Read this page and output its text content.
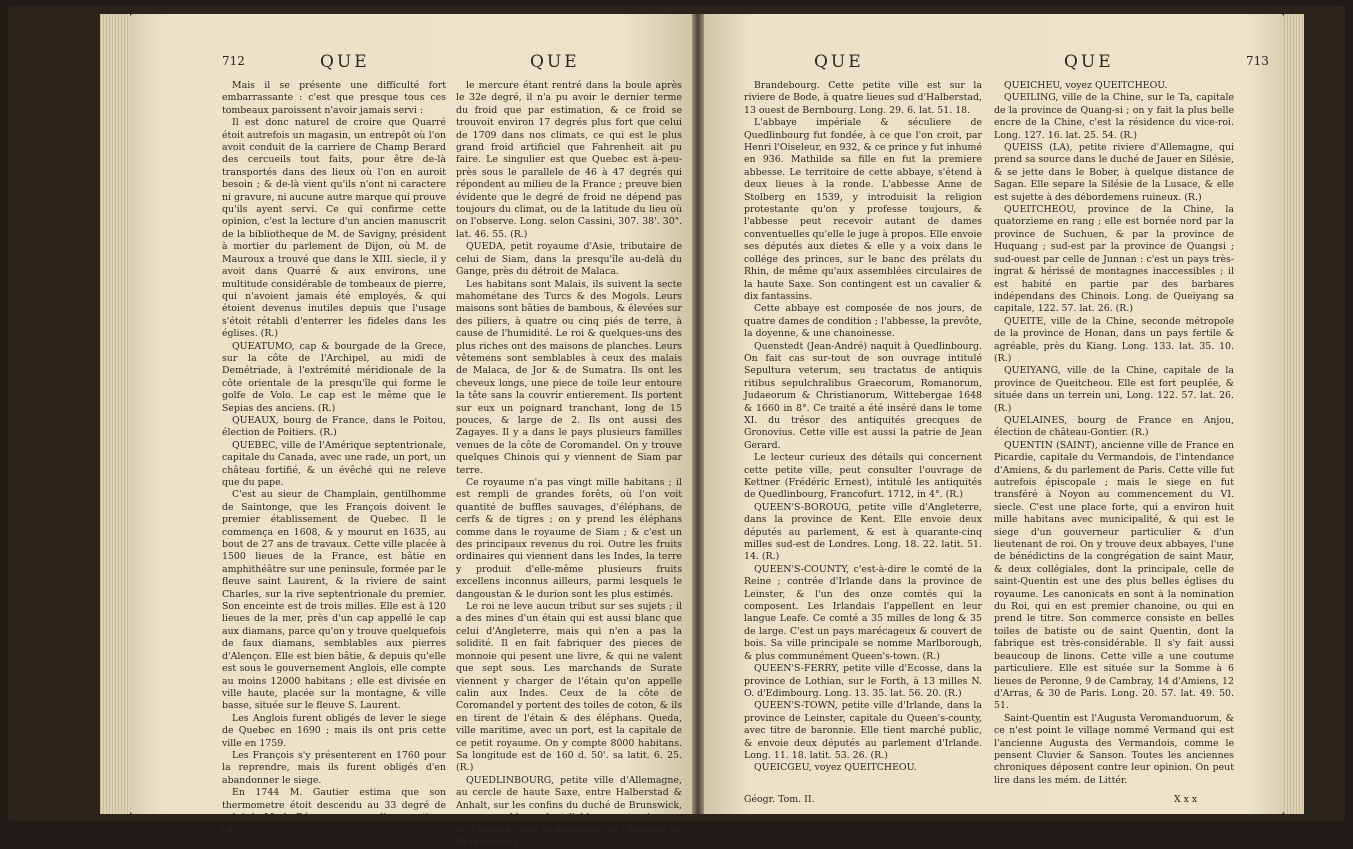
712	QUE	QUE

Mais il se présente une difficulté fort embarrassante : c'est que presque tous ces tombeaux paroissent n'avoir jamais servi :

Il est donc naturel de croire que Quarré étoit autrefois un magasin, un entrepôt où l'on avoit conduit de la carriere de Champ Berard des cercueils tout faits, pour être de-là transportés dans des lieux où l'on en auroit besoin ; & de-là vient qu'ils n'ont ni caractere ni gravure, ni aucune autre marque qui prouve qu'ils ayent servi. Ce qui confirme cette opinion, c'est la lecture d'un ancien manuscrit de la bibliotheque de M. de Savigny, président à mortier du parlement de Dijon, où M. de Mauroux a trouvé que dans le XIII. siecle, il y avoit dans Quarré & aux environs, une multitude considérable de tombeaux de pierre, qui n'avoient jamais été employés, & qui étoient devenus inutiles depuis que l'usage s'étoit rétabli d'enterrer les fideles dans les églises. (R.)

QUEATUMO, cap & bourgade de la Grece, sur la côte de l'Archipel, au midi de Demétriade, à l'extrémité méridionale de la côte orientale de la presqu'île qui forme le golfe de Volo. Le cap est le même que le Sepias des anciens. (R.)

QUEAUX, bourg de France, dans le Poitou, élection de Poitiers. (R.)

QUEBEC, ville de l'Amérique septentrionale, capitale du Canada, avec une rade, un port, un château fortifié, & un évêché qui ne releve que du pape.

C'est au sieur de Champlain, gentilhomme de Saintonge, que les François doivent le premier établissement de Quebec. Il le commença en 1608, & y mourut en 1635, au bout de 27 ans de travaux. Cette ville placée à 1500 lieues de la France, est bâtie en amphithéâtre sur une peninsule, formée par le fleuve saint Laurent, & la riviere de saint Charles, sur la rive septentrionale du premier. Son enceinte est de trois milles. Elle est à 120 lieues de la mer, près d'un cap appellé le cap aux diamans, parce qu'on y trouve quelquefois de faux diamans, semblables aux pierres d'Alençon. Elle est bien bâtie, & depuis qu'elle est sous le gouvernement Anglois, elle compte au moins 12000 habitans ; elle est divisée en ville haute, placée sur la montagne, & ville basse, située sur le fleuve S. Laurent.

Les Anglois furent obligés de lever le siege de Quebec en 1690 ; mais ils ont pris cette ville en 1759.

Les François s'y présenterent en 1760 pour la reprendre, mais ils furent obligés d'en abandonner le siege.

En 1744 M. Gautier estima que son thermometre étoit descendu au 33 degré de celui de M. de Réaumur ; nous disons estima, car

le mercure étant rentré dans la boule après le 32e degré, il n'a pu avoir le dernier terme du froid que par estimation, & ce froid se trouvoit environ 17 degrés plus fort que celui de 1709 dans nos climats, ce qui est le plus grand froid artificiel que Fahrenheit ait pu faire. Le singulier est que Quebec est à-peu-près sous le parallele de 46 à 47 degrés qui répondent au milieu de la France ; preuve bien évidente que le degré de froid ne dépend pas toujours du climat, ou de la latitude du lieu où on l'observe. Long. selon Cassini, 307. 38'. 30". lat. 46. 55. (R.)

QUEDA, petit royaume d'Asie, tributaire de celui de Siam, dans la presqu'île au-delà du Gange, près du détroit de Malaca.

Les habitans sont Malais, ils suivent la secte mahométane des Turcs & des Mogols. Leurs maisons sont bâties de bambous, & élevées sur des piliers, à quatre ou cinq piés de terre, à cause de l'humidité. Le roi & quelques-uns des plus riches ont des maisons de planches. Leurs vêtemens sont semblables à ceux des malais de Malaca, de Jor & de Sumatra. Ils ont les cheveux longs, une piece de toile leur entoure la tête sans la couvrir entierement. Ils portent sur eux un poignard tranchant, long de 15 pouces, & large de 2. Ils ont aussi des Zagayes. Il y a dans le pays plusieurs familles venues de la côte de Coromandel. On y trouve quelques Chinois qui y viennent de Siam par terre.

Ce royaume n'a pas vingt mille habitans ; il est rempli de grandes forêts, où l'on voit quantité de buffles sauvages, d'éléphans, de cerfs & de tigres ; on y prend les éléphans comme dans le royaume de Siam ; & c'est un des principaux revenus du roi. Outre les fruits ordinaires qui viennent dans les Indes, la terre y produit d'elle-même plusieurs fruits excellens inconnus ailleurs, parmi lesquels le dangoustan & le durion sont les plus estimés.

Le roi ne leve aucun tribut sur ses sujets ; il a des mines d'un étain qui est aussi blanc que celui d'Angleterre, mais qui n'en a pas la solidité. Il en fait fabriquer des pieces de monnoie qui pesent une livre, & qui ne valent que sept sous. Les marchands de Surate viennent y charger de l'étain qu'on appelle calin aux Indes. Ceux de la côte de Coromandel y portent des toiles de coton, & ils en tirent de l'étain & des éléphans. Queda, ville maritime, avec un port, est la capitale de ce petit royaume. On y compte 8000 habitans. Sa longitude est de 160 d. 50'. sa latit. 6. 25. (R.)

QUEDLINBOURG, petite ville d'Allemagne, au cercle de haute Saxe, entre Halberstad & Anhalt, sur les confins du duché de Brunswick, avec une abbaye dont l'abbesse est princesse de l'Empire, sous la protection de l'électeur de Brandebourg.

QUE	QUE	713

Brandebourg. Cette petite ville est sur la riviere de Bode, à quatre lieues sud d'Halberstad, 13 ouest de Bernbourg. Long. 29. 6. lat. 51. 18.

L'abbaye impériale & séculiere de Quedlinbourg fut fondée, à ce que l'on croit, par Henri l'Oiseleur, en 932, & ce prince y fut inhumé en 936. Mathilde sa fille en fut la premiere abbesse. Le territoire de cette abbaye, s'étend à deux lieues à la ronde. L'abbesse Anne de Stolberg en 1539, y introduisit la religion protestante qu'on y professe toujours, & l'abbesse peut recevoir autant de dames conventuelles qu'elle le juge à propos. Elle envoie ses députés aux dietes & elle y a voix dans le collége des princes, sur le banc des prélats du Rhin, de même qu'aux assemblées circulaires de la haute Saxe. Son contingent est un cavalier & dix fantassins.

Cette abbaye est composée de nos jours, de quatre dames de condition ; l'abbesse, la prevôte, la doyenne, & une chanoinesse.

Quenstedt (Jean-André) naquit à Quedlinbourg. On fait cas sur-tout de son ouvrage intitulé Sepultura veterum, seu tractatus de antiquis ritibus sepulchralibus Graecorum, Romanorum, Judaeorum & Christianorum, Wittebergae 1648 & 1660 in 8°. Ce traité a été inséré dans le tome XI. du trésor des antiquités grecques de Gronovius. Cette ville est aussi la patrie de Jean Gerard.

Le lecteur curieux des détails qui concernent cette petite ville, peut consulter l'ouvrage de Kettner (Frédéric Ernest), intitulé les antiquités de Quedlinbourg, Francofurt. 1712, in 4°. (R.)

QUEEN'S-BOROUG, petite ville d'Angleterre, dans la province de Kent. Elle envoie deux députés au parlement, & est à quarante-cinq milles sud-est de Londres. Long. 18. 22. latit. 51. 14. (R.)

QUEEN'S-COUNTY, c'est-à-dire le comté de la Reine ; contrée d'Irlande dans la province de Leinster, & l'un des onze comtés qui la composent. Les Irlandais l'appellent en leur langue Leafe. Ce comté a 35 milles de long & 35 de large. C'est un pays marécageux & couvert de bois. Sa ville principale se nomme Marlborough, & plus communément Queen's-town. (R.)

QUEEN'S-FERRY, petite ville d'Ecosse, dans la province de Lothian, sur le Forth, à 13 milles N. O. d'Edimbourg. Long. 13. 35. lat. 56. 20. (R.)

QUEEN'S-TOWN, petite ville d'Irlande, dans la province de Leinster, capitale du Queen's-county, avec titre de baronnie. Elle tient marché public, & envoie deux députés au parlement d'Irlande. Long. 11. 18. latit. 53. 26. (R.)

QUEICGEU, voyez QUEITCHEOU.

QUEICHEU, voyez QUEITCHEOU.

QUEILING, ville de la Chine, sur le Ta, capitale de la province de Quang-si ; on y fait la plus belle encre de la Chine, c'est la résidence du vice-roi. Long. 127. 16. lat. 25. 54. (R.)

QUEISS (LA), petite riviere d'Allemagne, qui prend sa source dans le duché de Jauer en Silésie, & se jette dans le Bober, à quelque distance de Sagan. Elle separe la Silésie de la Lusace, & elle est sujette à des débordemens ruineux. (R.)

QUEITCHEOU, province de la Chine, la quatorzieme en rang ; elle est bornée nord par la province de Suchuen, & par la province de Huquang ; sud-est par la province de Quangsi ; sud-ouest par celle de Junnan : c'est un pays très-ingrat & hérissé de montagnes inaccessibles ; il est habité en partie par des barbares indépendans des Chinois. Long. de Queiyang sa capitale, 122. 57. lat. 26. (R.)

QUEITE, ville de la Chine, seconde métropole de la province de Honan, dans un pays fertile & agréable, près du Kiang. Long. 133. lat. 35. 10. (R.)

QUEIYANG, ville de la Chine, capitale de la province de Queitcheou. Elle est fort peuplée, & située dans un terrein uni, Long. 122. 57. lat. 26. (R.)

QUELAINES, bourg de France en Anjou, élection de château-Gontier. (R.)

QUENTIN (SAINT), ancienne ville de France en Picardie, capitale du Vermandois, de l'intendance d'Amiens, & du parlement de Paris. Cette ville fut autrefois épiscopale ; mais le siege en fut transféré à Noyon au commencement du VI. siecle. C'est une place forte, qui a environ huit mille habitans avec municipalité, & qui est le siege d'un gouverneur particulier & d'un lieutenant de roi. On y trouve deux abbayes, l'une de bénédictins de la congrégation de saint Maur, & deux collégiales, dont la principale, celle de saint-Quentin est une des plus belles églises du royaume. Les canonicats en sont à la nomination du Roi, qui en est premier chanoine, ou qui en prend le titre. Son commerce consiste en belles toiles de batiste ou de saint Quentin, dont la fabrique est très-considérable. Il s'y fait aussi beaucoup de linons. Cette ville a une coutume particuliere. Elle est située sur la Somme à 6 lieues de Peronne, 9 de Cambray, 14 d'Amiens, 12 d'Arras, & 30 de Paris. Long. 20. 57. lat. 49. 50. 51.

Saint-Quentin est l'Augusta Veromanduorum, & ce n'est point le village nommé Vermand qui est l'ancienne Augusta des Vermandois, comme le pensent Cluvier & Sanson. Toutes les anciennes chroniques déposent contre leur opinion. On peut lire dans les mém. de Littér.

Géogr. Tom. II.	X x x
